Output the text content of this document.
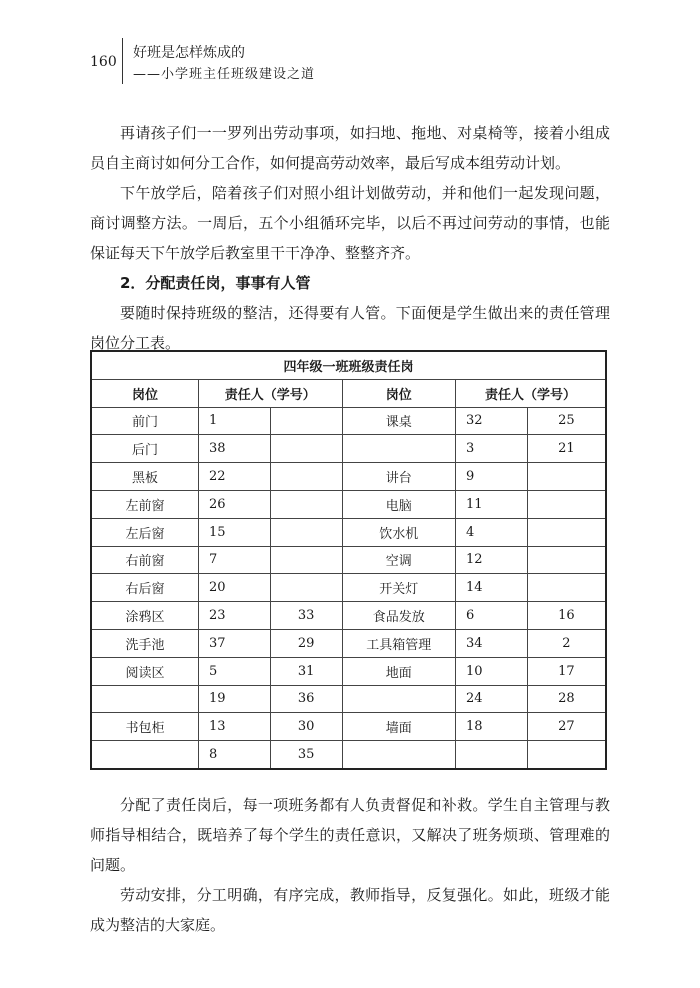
160
好班是怎样炼成的
——小学班主任班级建设之道

再请孩子们一一罗列出劳动事项，如扫地、拖地、对桌椅等，接着小组成员自主商讨如何分工合作，如何提高劳动效率，最后写成本组劳动计划。

下午放学后，陪着孩子们对照小组计划做劳动，并和他们一起发现问题，商讨调整方法。一周后，五个小组循环完毕，以后不再过问劳动的事情，也能保证每天下午放学后教室里干干净净、整整齐齐。

2．分配责任岗，事事有人管

要随时保持班级的整洁，还得要有人管。下面便是学生做出来的责任管理岗位分工表。

四年级一班班级责任岗					
岗位	责任人（学号）		岗位	责任人（学号）	
前门	1		课桌	32	25
后门	38			3	21
黑板	22		讲台	9	
左前窗	26		电脑	11	
左后窗	15		饮水机	4	
右前窗	7		空调	12	
右后窗	20		开关灯	14	
涂鸦区	23	33	食品发放	6	16
洗手池	37	29	工具箱管理	34	2
阅读区	5	31	地面	10	17
	19	36		24	28
书包柜	13	30	墙面	18	27
	8	35			

分配了责任岗后，每一项班务都有人负责督促和补救。学生自主管理与教师指导相结合，既培养了每个学生的责任意识，又解决了班务烦琐、管理难的问题。

劳动安排，分工明确，有序完成，教师指导，反复强化。如此，班级才能成为整洁的大家庭。
